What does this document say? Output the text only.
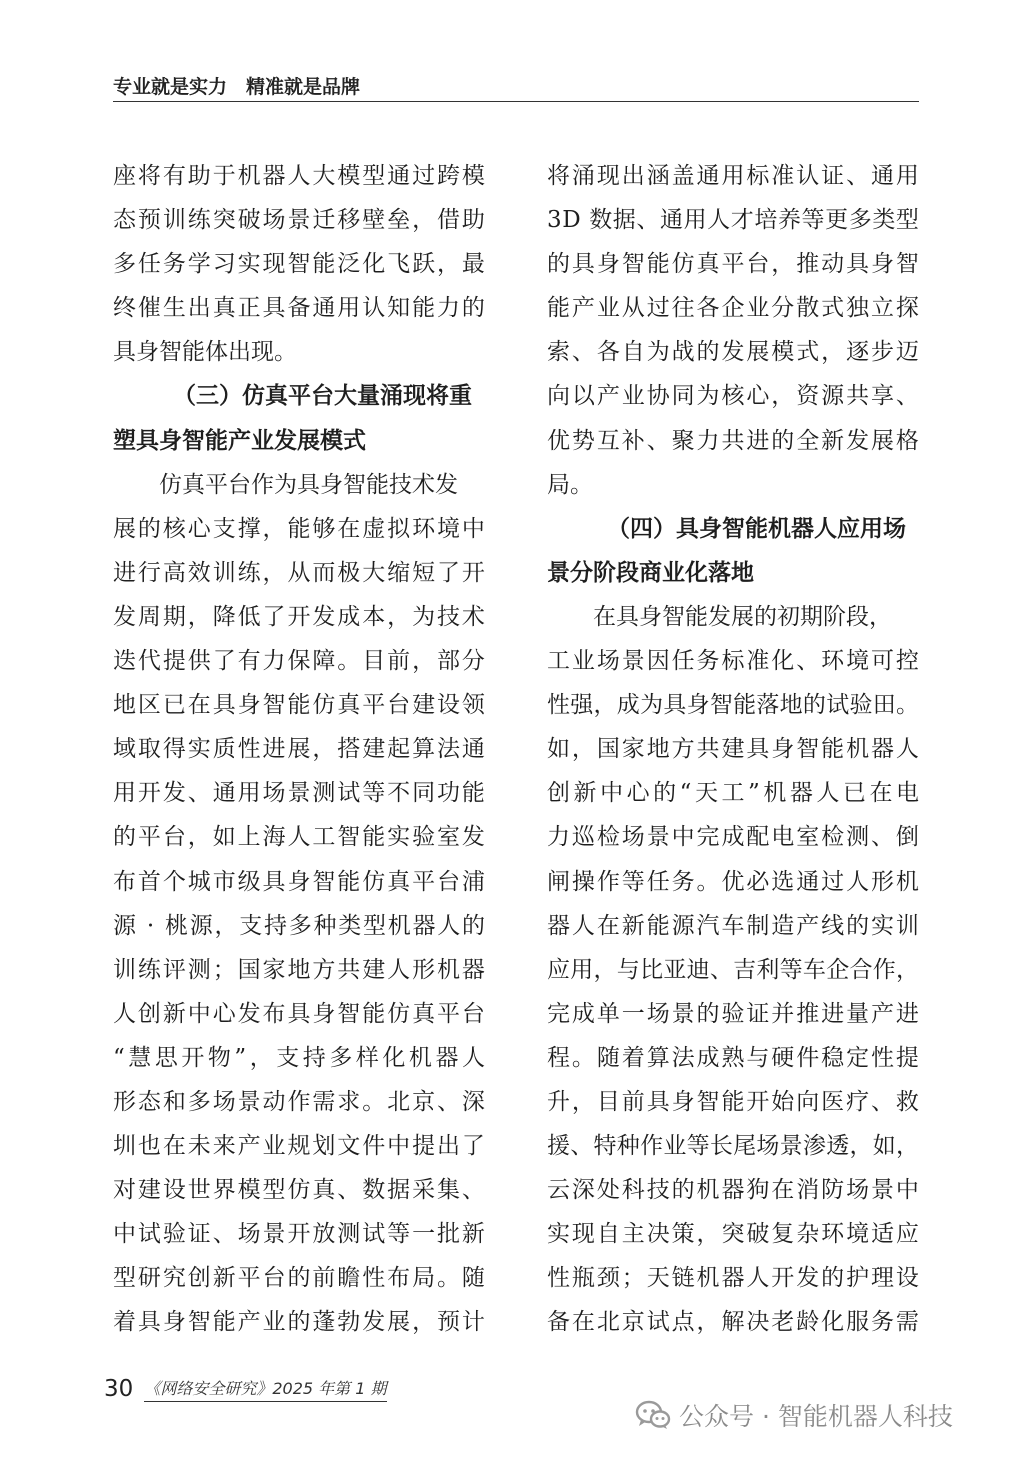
专业就是实力　精准就是品牌
座 将 有 助 于 机 器 人 大 模 型 通 过 跨 模
态 预 训 练 突 破 场 景 迁 移 壁 垒 ， 借 助
多 任 务 学 习 实 现 智 能 泛 化 飞 跃 ， 最
终 催 生 出 真 正 具 备 通 用 认 知 能 力 的
具身智能体出现。
（三）仿真平台大量涌现将重
塑具身智能产业发展模式
仿真平台作为具身智能技术发
展 的 核 心 支 撑 ， 能 够 在 虚 拟 环 境 中
进 行 高 效 训 练 ， 从 而 极 大 缩 短 了 开
发 周 期 ， 降 低 了 开 发 成 本 ， 为 技 术
迭 代 提 供 了 有 力 保 障 。 目 前 ， 部 分
地 区 已 在 具 身 智 能 仿 真 平 台 建 设 领
域 取 得 实 质 性 进 展 ， 搭 建 起 算 法 通
用 开 发 、 通 用 场 景 测 试 等 不 同 功 能
的 平 台 ， 如 上 海 人 工 智 能 实 验 室 发
布 首 个 城 市 级 具 身 智 能 仿 真 平 台 浦
源
·
桃 源 ， 支 持 多 种 类 型 机 器 人 的
训 练 评 测 ； 国 家 地 方 共 建 人 形 机 器
人 创 新 中 心 发 布 具 身 智 能 仿 真 平 台
“ 慧 思 开 物 ” ， 支 持 多 样 化 机 器 人
形 态 和 多 场 景 动 作 需 求 。 北 京 、 深
圳 也 在 未 来 产 业 规 划 文 件 中 提 出 了
对 建 设 世 界 模 型 仿 真 、 数 据 采 集 、
中 试 验 证 、 场 景 开 放 测 试 等 一 批 新
型 研 究 创 新 平 台 的 前 瞻 性 布 局 。 随
着 具 身 智 能 产 业 的 蓬 勃 发 展 ， 预 计
将 涌 现 出 涵 盖 通 用 标 准 认 证 、 通 用
3 D
数 据 、 通 用 人 才 培 养 等 更 多 类 型
的 具 身 智 能 仿 真 平 台 ， 推 动 具 身 智
能 产 业 从 过 往 各 企 业 分 散 式 独 立 探
索 、 各 自 为 战 的 发 展 模 式 ， 逐 步 迈
向 以 产 业 协 同 为 核 心 ， 资 源 共 享 、
优 势 互 补 、 聚 力 共 进 的 全 新 发 展 格
局。
（四）具身智能机器人应用场
景分阶段商业化落地
在具身智能发展的初期阶段，
工 业 场 景 因 任 务 标 准 化 、 环 境 可 控
性 强 ， 成 为 具 身 智 能 落 地 的 试 验 田 。
如 ， 国 家 地 方 共 建 具 身 智 能 机 器 人
创 新 中 心 的 “ 天 工 ” 机 器 人 已 在 电
力 巡 检 场 景 中 完 成 配 电 室 检 测 、 倒
闸 操 作 等 任 务 。 优 必 选 通 过 人 形 机
器 人 在 新 能 源 汽 车 制 造 产 线 的 实 训
应 用 ， 与 比 亚 迪 、 吉 利 等 车 企 合 作 ，
完 成 单 一 场 景 的 验 证 并 推 进 量 产 进
程 。 随 着 算 法 成 熟 与 硬 件 稳 定 性 提
升 ， 目 前 具 身 智 能 开 始 向 医 疗 、 救
援 、 特 种 作 业 等 长 尾 场 景 渗 透 ， 如 ，
云 深 处 科 技 的 机 器 狗 在 消 防 场 景 中
实 现 自 主 决 策 ， 突 破 复 杂 环 境 适 应
性 瓶 颈 ； 天 链 机 器 人 开 发 的 护 理 设
备 在 北 京 试 点 ， 解 决 老 龄 化 服 务 需
30 《网络安全研究》2025 年第 1 期
公众号 · 智能机器人科技
